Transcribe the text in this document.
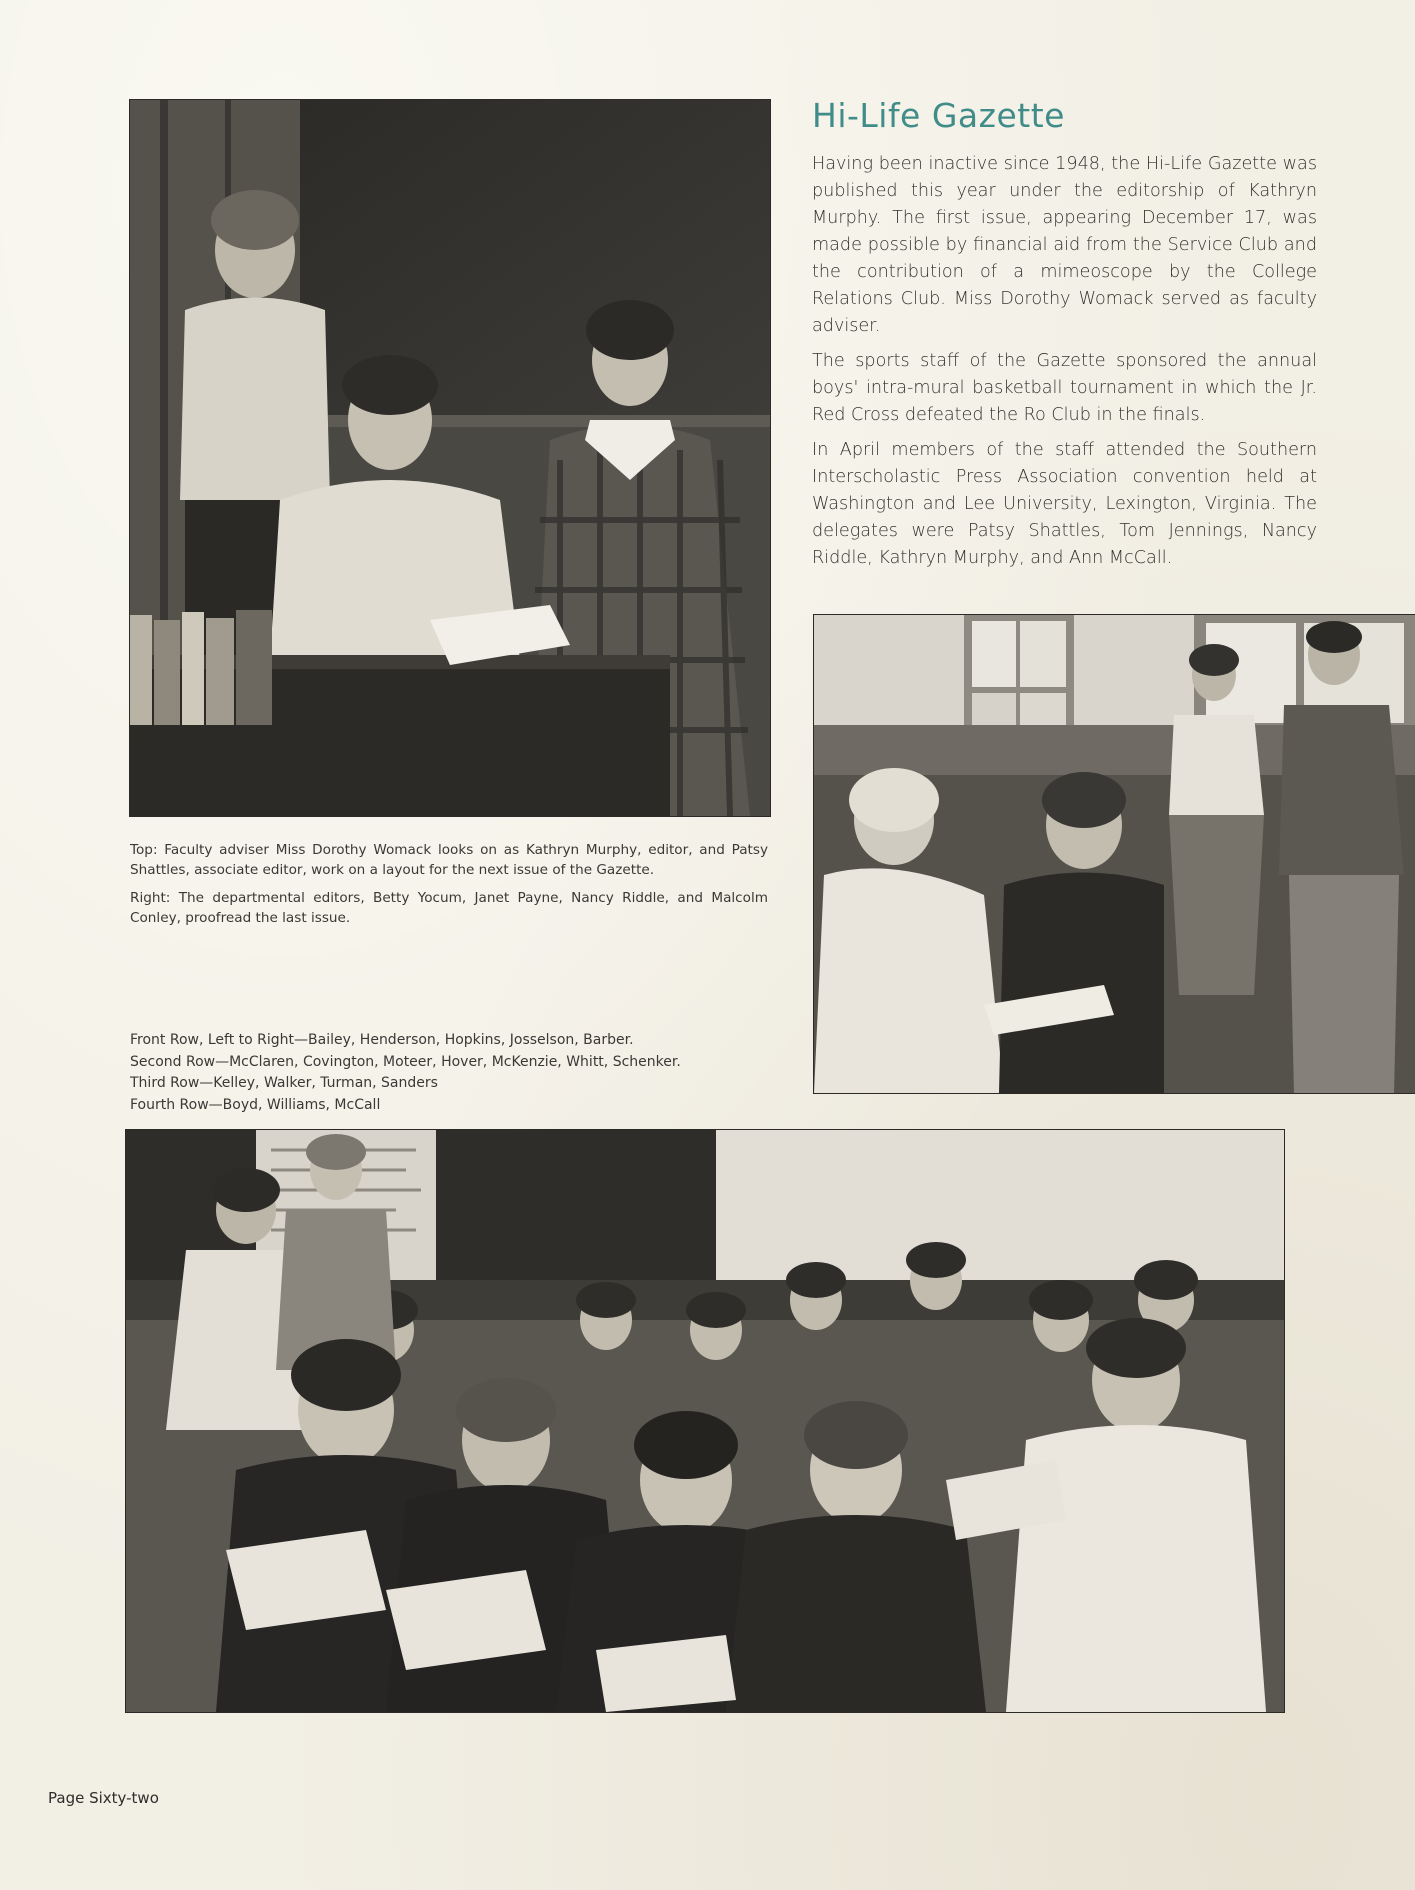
Hi-Life Gazette

Having been inactive since 1948, the Hi-Life Gazette was published this year under the editorship of Kathryn Murphy. The first issue, appearing December 17, was made possible by financial aid from the Service Club and the contribution of a mimeoscope by the College Relations Club. Miss Dorothy Womack served as faculty adviser.

The sports staff of the Gazette sponsored the annual boys' intra-mural basketball tournament in which the Jr. Red Cross defeated the Ro Club in the finals.

In April members of the staff attended the Southern Interscholastic Press Association convention held at Washington and Lee University, Lexington, Virginia. The delegates were Patsy Shattles, Tom Jennings, Nancy Riddle, Kathryn Murphy, and Ann McCall.

Top: Faculty adviser Miss Dorothy Womack looks on as Kathryn Murphy, editor, and Patsy Shattles, associate editor, work on a layout for the next issue of the Gazette.

Right: The departmental editors, Betty Yocum, Janet Payne, Nancy Riddle, and Malcolm Conley, proofread the last issue.

Front Row, Left to Right—Bailey, Henderson, Hopkins, Josselson, Barber.
Second Row—McClaren, Covington, Moteer, Hover, McKenzie, Whitt, Schenker.
Third Row—Kelley, Walker, Turman, Sanders
Fourth Row—Boyd, Williams, McCall
Page Sixty-two
